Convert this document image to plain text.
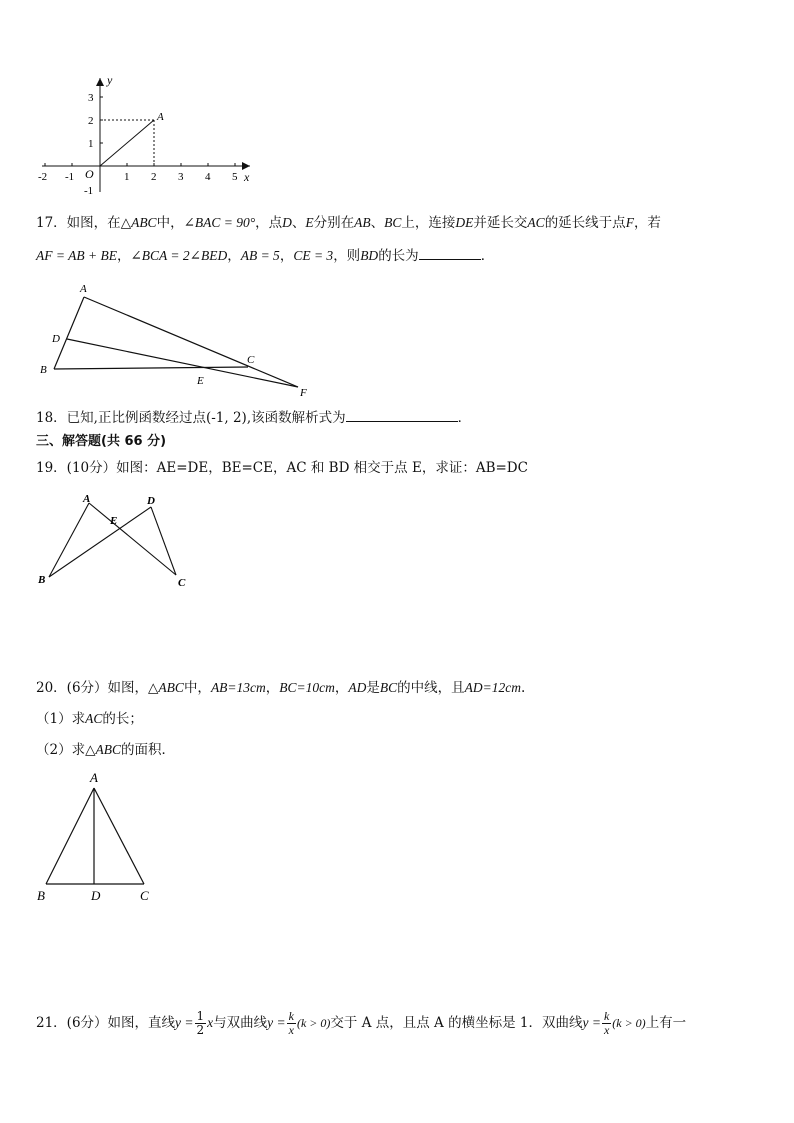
y
x
O
A
-2 -1	1 2 3 4 5
3
2
1
-1
17．如图，在△ABC中，∠BAC = 90°，点D、E分别在AB、BC上，连接DE并延长交AC的延长线于点F，若
AF = AB + BE，∠BCA = 2∠BED，AB = 5，CE = 3，则BD的长为	．
A
D
B
E
C
F
18．已知,正比例函数经过点(-1, 2),该函数解析式为	．
三、解答题(共 66 分)
19．(10分）如图：AE=DE，BE=CE，AC 和 BD 相交于点 E，求证：AB=DC
A	D
E
B	C
20．(6分）如图，△ABC中，AB=13cm，BC=10cm，AD是BC的中线，且AD=12cm.
（1）求AC的长；
（2）求△ABC的面积．
A
B	D	C
21．(6分）如图，直线$y = \frac{1}{2}$ x与双曲线$y = \frac{k}{x} (k > 0)$交于 A 点，且点 A 的横坐标是 1．双曲线$y = \frac{k}{x} (k > 0)$上有一
